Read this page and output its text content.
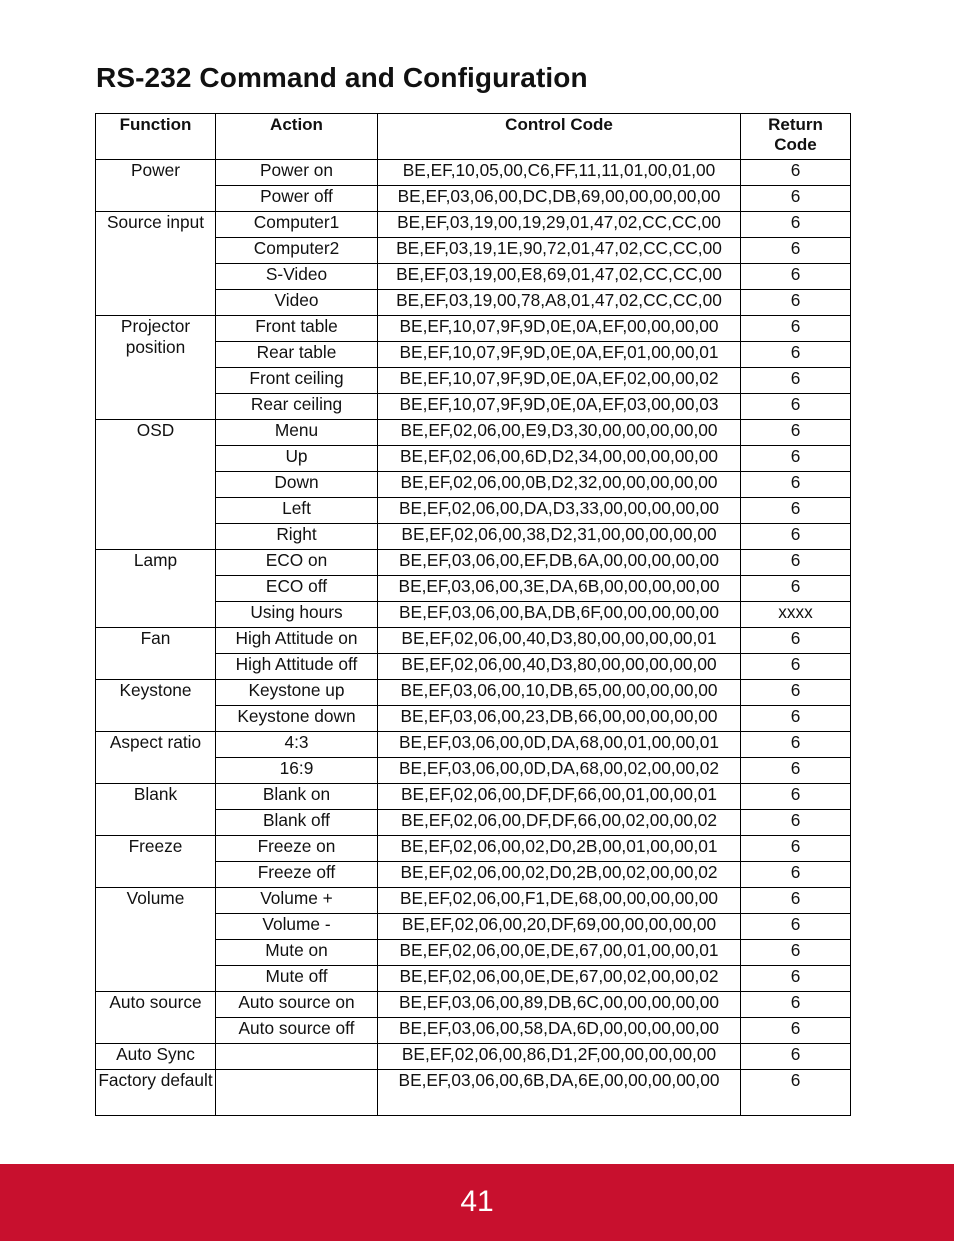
RS-232 Command and Configuration
Function	Action	Control Code	Return Code
Power	Power on	BE,EF,10,05,00,C6,FF,11,11,01,00,01,00	6
	Power off	BE,EF,03,06,00,DC,DB,69,00,00,00,00,00	6
Source input	Computer1	BE,EF,03,19,00,19,29,01,47,02,CC,CC,00	6
	Computer2	BE,EF,03,19,1E,90,72,01,47,02,CC,CC,00	6
	S-Video	BE,EF,03,19,00,E8,69,01,47,02,CC,CC,00	6
	Video	BE,EF,03,19,00,78,A8,01,47,02,CC,CC,00	6
Projector position	Front table	BE,EF,10,07,9F,9D,0E,0A,EF,00,00,00,00	6
	Rear table	BE,EF,10,07,9F,9D,0E,0A,EF,01,00,00,01	6
	Front ceiling	BE,EF,10,07,9F,9D,0E,0A,EF,02,00,00,02	6
	Rear ceiling	BE,EF,10,07,9F,9D,0E,0A,EF,03,00,00,03	6
OSD	Menu	BE,EF,02,06,00,E9,D3,30,00,00,00,00,00	6
	Up	BE,EF,02,06,00,6D,D2,34,00,00,00,00,00	6
	Down	BE,EF,02,06,00,0B,D2,32,00,00,00,00,00	6
	Left	BE,EF,02,06,00,DA,D3,33,00,00,00,00,00	6
	Right	BE,EF,02,06,00,38,D2,31,00,00,00,00,00	6
Lamp	ECO on	BE,EF,03,06,00,EF,DB,6A,00,00,00,00,00	6
	ECO off	BE,EF,03,06,00,3E,DA,6B,00,00,00,00,00	6
	Using hours	BE,EF,03,06,00,BA,DB,6F,00,00,00,00,00	xxxx
Fan	High Attitude on	BE,EF,02,06,00,40,D3,80,00,00,00,00,01	6
	High Attitude off	BE,EF,02,06,00,40,D3,80,00,00,00,00,00	6
Keystone	Keystone up	BE,EF,03,06,00,10,DB,65,00,00,00,00,00	6
	Keystone down	BE,EF,03,06,00,23,DB,66,00,00,00,00,00	6
Aspect ratio	4:3	BE,EF,03,06,00,0D,DA,68,00,01,00,00,01	6
	16:9	BE,EF,03,06,00,0D,DA,68,00,02,00,00,02	6
Blank	Blank on	BE,EF,02,06,00,DF,DF,66,00,01,00,00,01	6
	Blank off	BE,EF,02,06,00,DF,DF,66,00,02,00,00,02	6
Freeze	Freeze on	BE,EF,02,06,00,02,D0,2B,00,01,00,00,01	6
	Freeze off	BE,EF,02,06,00,02,D0,2B,00,02,00,00,02	6
Volume	Volume +	BE,EF,02,06,00,F1,DE,68,00,00,00,00,00	6
	Volume -	BE,EF,02,06,00,20,DF,69,00,00,00,00,00	6
	Mute on	BE,EF,02,06,00,0E,DE,67,00,01,00,00,01	6
	Mute off	BE,EF,02,06,00,0E,DE,67,00,02,00,00,02	6
Auto source	Auto source on	BE,EF,03,06,00,89,DB,6C,00,00,00,00,00	6
	Auto source off	BE,EF,03,06,00,58,DA,6D,00,00,00,00,00	6
Auto Sync		BE,EF,02,06,00,86,D1,2F,00,00,00,00,00	6
Factory default		BE,EF,03,06,00,6B,DA,6E,00,00,00,00,00	6
41
